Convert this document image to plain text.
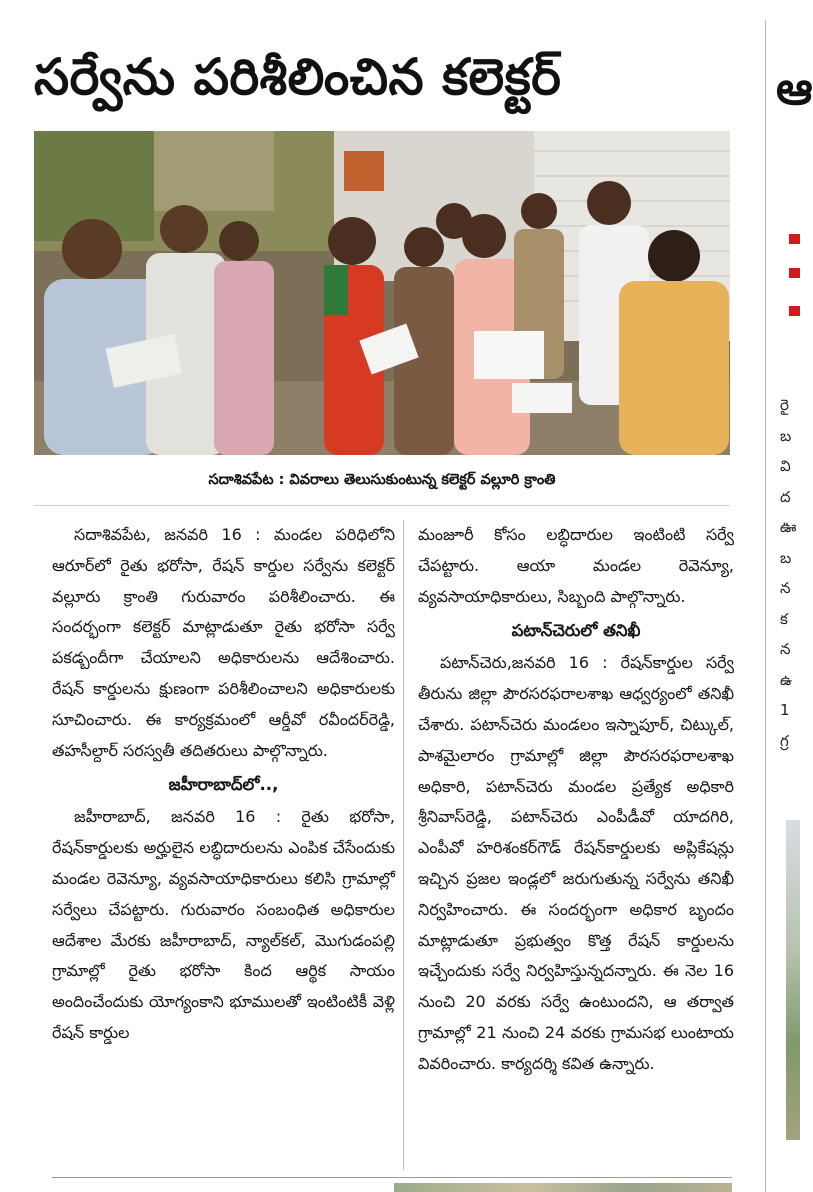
సర్వేను పరిశీలించిన కలెక్టర్
సదాశివపేట : వివరాలు తెలుసుకుంటున్న కలెక్టర్ వల్లూరి క్రాంతి

సదాశివపేట, జనవరి 16 : మండల పరిధిలోని ఆరూర్‌లో రైతు భరోసా, రేషన్ కార్డుల సర్వేను కలెక్టర్ వల్లూరు క్రాంతి గురువారం పరిశీలించారు. ఈ సందర్భంగా కలెక్టర్ మాట్లాడుతూ రైతు భరోసా సర్వే పకడ్బందీగా చేయాలని అధికారులను ఆదేశించారు. రేషన్ కార్డులను క్షుణంగా పరిశీలించాలని అధికారులకు సూచించారు. ఈ కార్యక్రమంలో ఆర్డీవో రవీందర్‌రెడ్డి, తహసీల్దార్ సరస్వతీ తదితరులు పాల్గొన్నారు.

జహీరాబాద్‌లో..,

జహీరాబాద్, జనవరి 16 : రైతు భరోసా, రేషన్‌కార్డులకు అర్హులైన లబ్ధిదారులను ఎంపిక చేసేందుకు మండల రెవెన్యూ, వ్యవసాయాధికారులు కలిసి గ్రామాల్లో సర్వేలు చేపట్టారు. గురువారం సంబంధిత అధికారుల ఆదేశాల మేరకు జహీరాబాద్, న్యాల్‌కల్, మొగుడంపల్లి గ్రామాల్లో రైతు భరోసా కింద ఆర్థిక సాయం అందించేందుకు యోగ్యంకాని భూములతో ఇంటింటికీ వెళ్లి రేషన్ కార్డుల

మంజూరీ కోసం లబ్ధిదారుల ఇంటింటి సర్వే చేపట్టారు. ఆయా మండల రెవెన్యూ, వ్యవసాయాధికారులు, సిబ్బంది పాల్గొన్నారు.

పటాన్‌చెరులో తనిఖీ

పటాన్‌చెరు,జనవరి 16 : రేషన్‌కార్డుల సర్వే తీరును జిల్లా పౌరసరఫరాలశాఖ ఆధ్వర్యంలో తనిఖీ చేశారు. పటాన్‌చెరు మండలం ఇస్నాపూర్, చిట్కుల్, పాశమైలారం గ్రామాల్లో జిల్లా పౌరసరఫరాలశాఖ అధికారి, పటాన్‌చెరు మండల ప్రత్యేక అధికారి శ్రీనివాస్‌రెడ్డి, పటాన్‌చెరు ఎంపీడీవో యాదగిరి, ఎంపీవో హరిశంకర్‌గౌడ్ రేషన్‌కార్డులకు అప్లికేషన్లు ఇచ్చిన ప్రజల ఇండ్లలో జరుగుతున్న సర్వేను తనిఖీ నిర్వహించారు. ఈ సందర్భంగా అధికార బృందం మాట్లాడుతూ ప్రభుత్వం కొత్త రేషన్ కార్డులను ఇచ్చేందుకు సర్వే నిర్వహిస్తున్నదన్నారు. ఈ నెల 16 నుంచి 20 వరకు సర్వే ఉంటుందని, ఆ తర్వాత గ్రామాల్లో 21 నుంచి 24 వరకు గ్రామసభ లుంటాయ వివరించారు. కార్యదర్శి కవిత ఉన్నారు.

ఆ
రై
బ
వి
ద
ఊ
బ
న
క
న
ఉ
1
గ్ర
